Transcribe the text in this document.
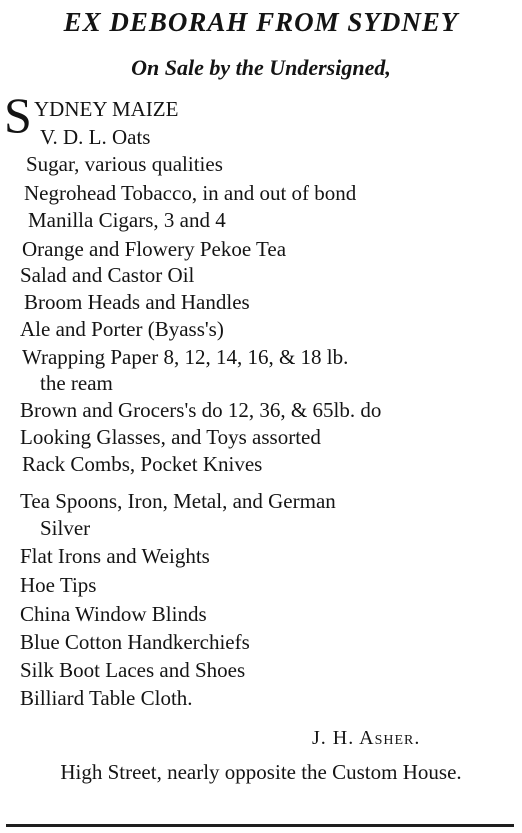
EX DEBORAH FROM SYDNEY
On Sale by the Undersigned,
S YDNEY MAIZE
V. D. L. Oats
Sugar, various qualities
Negrohead Tobacco, in and out of bond
Manilla Cigars, 3 and 4
Orange and Flowery Pekoe Tea
Salad and Castor Oil
Broom Heads and Handles
Ale and Porter (Byass's)
Wrapping Paper 8, 12, 14, 16, & 18 lb.
the ream
Brown and Grocers's do 12, 36, & 65lb. do
Looking Glasses, and Toys assorted
Rack Combs, Pocket Knives
Tea Spoons, Iron, Metal, and German
Silver
Flat Irons and Weights
Hoe Tips
China Window Blinds
Blue Cotton Handkerchiefs
Silk Boot Laces and Shoes
Billiard Table Cloth.
J. H. Asher.
High Street, nearly opposite the Custom House.
